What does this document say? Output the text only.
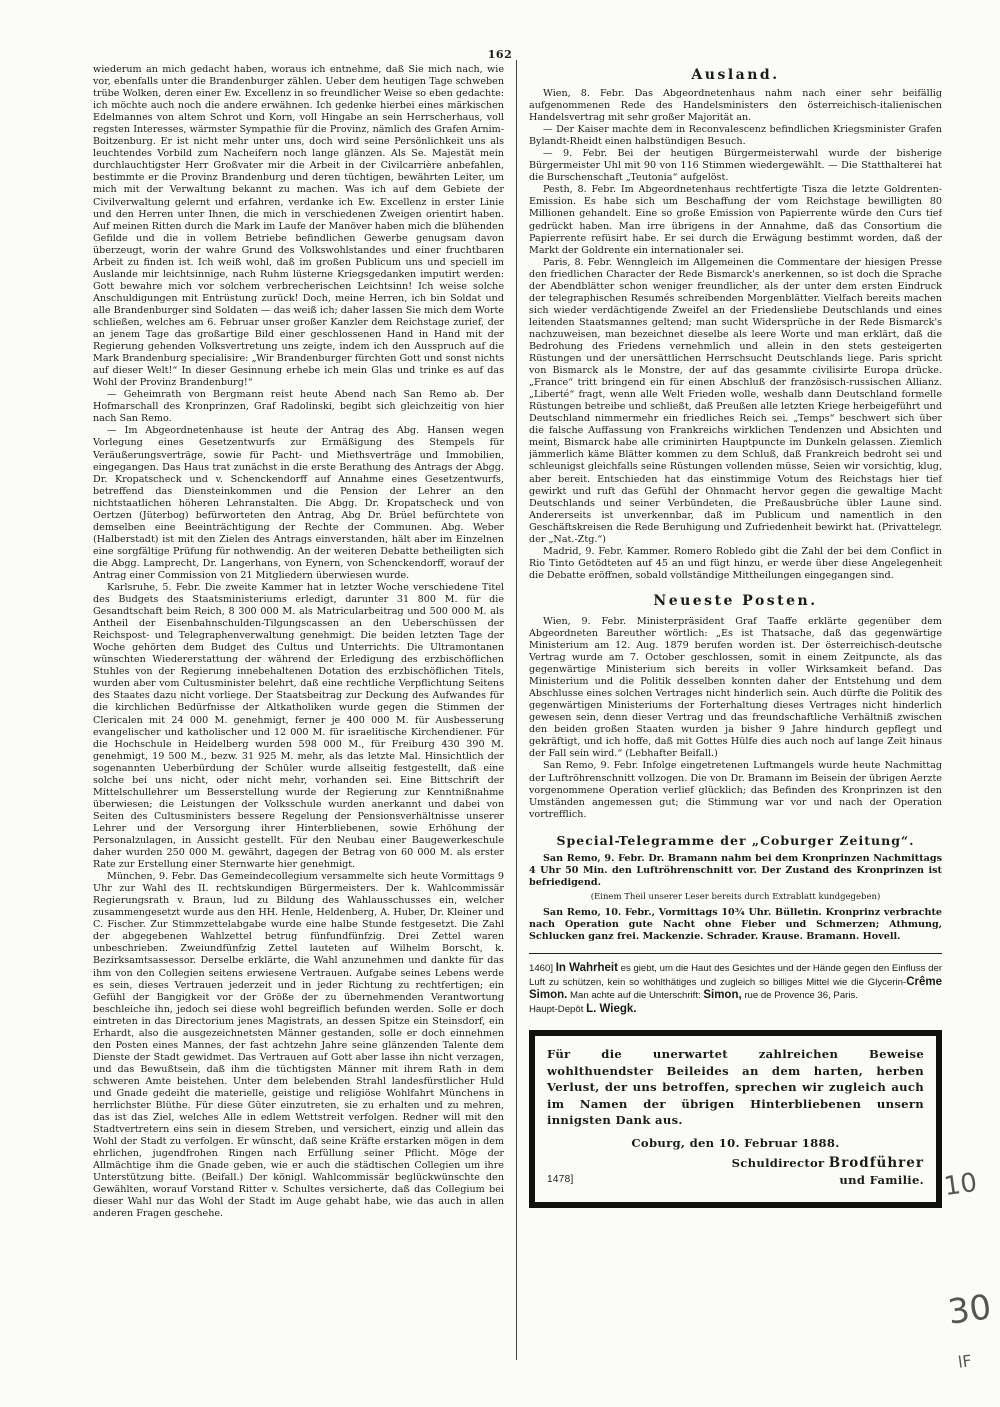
162

wiederum an mich gedacht haben, woraus ich entnehme, daß Sie mich nach, wie vor, ebenfalls unter die Brandenburger zählen. Ueber dem heutigen Tage schweben trübe Wolken, deren einer Ew. Excellenz in so freundlicher Weise so eben gedachte: ich möchte auch noch die andere erwähnen. Ich gedenke hierbei eines märkischen Edelmannes von altem Schrot und Korn, voll Hingabe an sein Herrscherhaus, voll regsten Interesses, wärmster Sympathie für die Provinz, nämlich des Grafen Arnim-Boitzenburg. Er ist nicht mehr unter uns, doch wird seine Persönlichkeit uns als leuchtendes Vorbild zum Nacheifern noch lange glänzen. Als Se. Majestät mein durchlauchtigster Herr Großvater mir die Arbeit in der Civilcarrière anbefahlen, bestimmte er die Provinz Brandenburg und deren tüchtigen, bewährten Leiter, um mich mit der Verwaltung bekannt zu machen. Was ich auf dem Gebiete der Civilverwaltung gelernt und erfahren, verdanke ich Ew. Excellenz in erster Linie und den Herren unter Ihnen, die mich in verschiedenen Zweigen orientirt haben. Auf meinen Ritten durch die Mark im Laufe der Manöver haben mich die blühenden Gefilde und die in vollem Betriebe befindlichen Gewerbe genugsam davon überzeugt, worin der wahre Grund des Volkswohlstandes und einer fruchtbaren Arbeit zu finden ist. Ich weiß wohl, daß im großen Publicum uns und speciell im Auslande mir leichtsinnige, nach Ruhm lüsterne Kriegsgedanken imputirt werden: Gott bewahre mich vor solchem verbrecherischen Leichtsinn! Ich weise solche Anschuldigungen mit Entrüstung zurück! Doch, meine Herren, ich bin Soldat und alle Brandenburger sind Soldaten — das weiß ich; daher lassen Sie mich dem Worte schließen, welches am 6. Februar unser großer Kanzler dem Reichstage zurief, der an jenem Tage das großartige Bild einer geschlossenen Hand in Hand mit der Regierung gehenden Volksvertretung uns zeigte, indem ich den Ausspruch auf die Mark Brandenburg specialisire: „Wir Brandenburger fürchten Gott und sonst nichts auf dieser Welt!“ In dieser Gesinnung erhebe ich mein Glas und trinke es auf das Wohl der Provinz Brandenburg!“

— Geheimrath von Bergmann reist heute Abend nach San Remo ab. Der Hofmarschall des Kronprinzen, Graf Radolinski, begibt sich gleichzeitig von hier nach San Remo.

— Im Abgeordnetenhause ist heute der Antrag des Abg. Hansen wegen Vorlegung eines Gesetzentwurfs zur Ermäßigung des Stempels für Veräußerungsverträge, sowie für Pacht- und Miethsverträge und Immobilien, eingegangen. Das Haus trat zunächst in die erste Berathung des Antrags der Abgg. Dr. Kropatscheck und v. Schenckendorff auf Annahme eines Gesetzentwurfs, betreffend das Diensteinkommen und die Pension der Lehrer an den nichtstaatlichen höheren Lehranstalten. Die Abgg. Dr. Kropatscheck und von Oertzen (Jüterbog) befürworteten den Antrag, Abg Dr. Brüel befürchtete von demselben eine Beeinträchtigung der Rechte der Communen. Abg. Weber (Halberstadt) ist mit den Zielen des Antrags einverstanden, hält aber im Einzelnen eine sorgfältige Prüfung für nothwendig. An der weiteren Debatte betheiligten sich die Abgg. Lamprecht, Dr. Langerhans, von Eynern, von Schenckendorff, worauf der Antrag einer Commission von 21 Mitgliedern überwiesen wurde.

Karlsruhe, 5. Febr. Die zweite Kammer hat in letzter Woche verschiedene Titel des Budgets des Staatsministeriums erledigt, darunter 31 800 M. für die Gesandtschaft beim Reich, 8 300 000 M. als Matricularbeitrag und 500 000 M. als Antheil der Eisenbahnschulden-Tilgungscassen an den Ueberschüssen der Reichspost- und Telegraphenverwaltung genehmigt. Die beiden letzten Tage der Woche gehörten dem Budget des Cultus und Unterrichts. Die Ultramontanen wünschten Wiedererstattung der während der Erledigung des erzbischöflichen Stuhles von der Regierung innebehaltenen Dotation des erzbischöflichen Titels, wurden aber vom Cultusminister belehrt, daß eine rechtliche Verpflichtung Seitens des Staates dazu nicht vorliege. Der Staatsbeitrag zur Deckung des Aufwandes für die kirchlichen Bedürfnisse der Altkatholiken wurde gegen die Stimmen der Clericalen mit 24 000 M. genehmigt, ferner je 400 000 M. für Ausbesserung evangelischer und katholischer und 12 000 M. für israelitische Kirchendiener. Für die Hochschule in Heidelberg wurden 598 000 M., für Freiburg 430 390 M. genehmigt, 19 500 M., bezw. 31 925 M. mehr, als das letzte Mal. Hinsichtlich der sogenannten Ueberbürdung der Schüler wurde allseitig festgestellt, daß eine solche bei uns nicht, oder nicht mehr, vorhanden sei. Eine Bittschrift der Mittelschullehrer um Besserstellung wurde der Regierung zur Kenntnißnahme überwiesen; die Leistungen der Volksschule wurden anerkannt und dabei von Seiten des Cultusministers bessere Regelung der Pensionsverhältnisse unserer Lehrer und der Versorgung ihrer Hinterbliebenen, sowie Erhöhung der Personalzulagen, in Aussicht gestellt. Für den Neubau einer Baugewerkeschule daher wurden 250 000 M. gewährt, dagegen der Betrag von 60 000 M. als erster Rate zur Erstellung einer Sternwarte hier genehmigt.

München, 9. Febr. Das Gemeindecollegium versammelte sich heute Vormittags 9 Uhr zur Wahl des II. rechtskundigen Bürgermeisters. Der k. Wahlcommissär Regierungsrath v. Braun, lud zu Bildung des Wahlausschusses ein, welcher zusammengesetzt wurde aus den HH. Henle, Heldenberg, A. Huber, Dr. Kleiner und C. Fischer. Zur Stimmzettelabgabe wurde eine halbe Stunde festgesetzt. Die Zahl der abgegebenen Wahlzettel betrug fünfundfünfzig. Drei Zettel waren unbeschrieben. Zweiundfünfzig Zettel lauteten auf Wilhelm Borscht, k. Bezirksamtsassessor. Derselbe erklärte, die Wahl anzunehmen und dankte für das ihm von den Collegien seitens erwiesene Vertrauen. Aufgabe seines Lebens werde es sein, dieses Vertrauen jederzeit und in jeder Richtung zu rechtfertigen; ein Gefühl der Bangigkeit vor der Größe der zu übernehmenden Verantwortung beschleiche ihn, jedoch sei diese wohl begreiflich befunden werden. Solle er doch eintreten in das Directorium jenes Magistrats, an dessen Spitze ein Steinsdorf, ein Erhardt, also die ausgezeichnetsten Männer gestanden, solle er doch einnehmen den Posten eines Mannes, der fast achtzehn Jahre seine glänzenden Talente dem Dienste der Stadt gewidmet. Das Vertrauen auf Gott aber lasse ihn nicht verzagen, und das Bewußtsein, daß ihm die tüchtigsten Männer mit ihrem Rath in dem schweren Amte beistehen. Unter dem belebenden Strahl landesfürstlicher Huld und Gnade gedeiht die materielle, geistige und religiöse Wohlfahrt Münchens in herrlichster Blüthe. Für diese Güter einzutreten, sie zu erhalten und zu mehren, das ist das Ziel, welches Alle in edlem Wettstreit verfolgen. Redner will mit den Stadtvertretern eins sein in diesem Streben, und versichert, einzig und allein das Wohl der Stadt zu verfolgen. Er wünscht, daß seine Kräfte erstarken mögen in dem ehrlichen, jugendfrohen Ringen nach Erfüllung seiner Pflicht. Möge der Allmächtige ihm die Gnade geben, wie er auch die städtischen Collegien um ihre Unterstützung bitte. (Beifall.) Der königl. Wahlcommissär beglückwünschte den Gewählten, worauf Vorstand Ritter v. Schultes versicherte, daß das Collegium bei dieser Wahl nur das Wohl der Stadt im Auge gehabt habe, wie das auch in allen anderen Fragen geschehe.

Ausland.

Wien, 8. Febr. Das Abgeordnetenhaus nahm nach einer sehr beifällig aufgenommenen Rede des Handelsministers den österreichisch-italienischen Handelsvertrag mit sehr großer Majorität an.

— Der Kaiser machte dem in Reconvalescenz befindlichen Kriegsminister Grafen Bylandt-Rheidt einen halbstündigen Besuch.

— 9. Febr. Bei der heutigen Bürgermeisterwahl wurde der bisherige Bürgermeister Uhl mit 90 von 116 Stimmen wiedergewählt. — Die Statthalterei hat die Burschenschaft „Teutonia“ aufgelöst.

Pesth, 8. Febr. Im Abgeordnetenhaus rechtfertigte Tisza die letzte Goldrenten-Emission. Es habe sich um Beschaffung der vom Reichstage bewilligten 80 Millionen gehandelt. Eine so große Emission von Papierrente würde den Curs tief gedrückt haben. Man irre übrigens in der Annahme, daß das Consortium die Papierrente refüsirt habe. Er sei durch die Erwägung bestimmt worden, daß der Markt der Goldrente ein internationaler sei.

Paris, 8. Febr. Wenngleich im Allgemeinen die Commentare der hiesigen Presse den friedlichen Character der Rede Bismarck's anerkennen, so ist doch die Sprache der Abendblätter schon weniger freundlicher, als der unter dem ersten Eindruck der telegraphischen Resumés schreibenden Morgenblätter. Vielfach bereits machen sich wieder verdächtigende Zweifel an der Friedensliebe Deutschlands und eines leitenden Staatsmannes geltend; man sucht Widersprüche in der Rede Bismarck's nachzuweisen, man bezeichnet dieselbe als leere Worte und man erklärt, daß die Bedrohung des Friedens vernehmlich und allein in den stets gesteigerten Rüstungen und der unersättlichen Herrschsucht Deutschlands liege. Paris spricht von Bismarck als le Monstre, der auf das gesammte civilisirte Europa drücke. „France“ tritt bringend ein für einen Abschluß der französisch-russischen Allianz. „Liberté“ fragt, wenn alle Welt Frieden wolle, weshalb dann Deutschland formelle Rüstungen betreibe und schließt, daß Preußen alle letzten Kriege herbeigeführt und Deutschland nimmermehr ein friedliches Reich sei. „Temps“ beschwert sich über die falsche Auffassung von Frankreichs wirklichen Tendenzen und Absichten und meint, Bismarck habe alle criminirten Hauptpuncte im Dunkeln gelassen. Ziemlich jämmerlich käme Blätter kommen zu dem Schluß, daß Frankreich bedroht sei und schleunigst gleichfalls seine Rüstungen vollenden müsse, Seien wir vorsichtig, klug, aber bereit. Entschieden hat das einstimmige Votum des Reichstags hier tief gewirkt und ruft das Gefühl der Ohnmacht hervor gegen die gewaltige Macht Deutschlands und seiner Verbündeten, die Preßausbrüche übler Laune sind. Andererseits ist unverkennbar, daß im Publicum und namentlich in den Geschäftskreisen die Rede Beruhigung und Zufriedenheit bewirkt hat. (Privattelegr. der „Nat.-Ztg.“)

Madrid, 9. Febr. Kammer. Romero Robledo gibt die Zahl der bei dem Conflict in Rio Tinto Getödteten auf 45 an und fügt hinzu, er werde über diese Angelegenheit die Debatte eröffnen, sobald vollständige Mittheilungen eingegangen sind.

Neueste Posten.

Wien, 9. Febr. Ministerpräsident Graf Taaffe erklärte gegenüber dem Abgeordneten Bareuther wörtlich: „Es ist Thatsache, daß das gegenwärtige Ministerium am 12. Aug. 1879 berufen worden ist. Der österreichisch-deutsche Vertrag wurde am 7. October geschlossen, somit in einem Zeitpuncte, als das gegenwärtige Ministerium sich bereits in voller Wirksamkeit befand. Das Ministerium und die Politik desselben konnten daher der Entstehung und dem Abschlusse eines solchen Vertrages nicht hinderlich sein. Auch dürfte die Politik des gegenwärtigen Ministeriums der Forterhaltung dieses Vertrages nicht hinderlich gewesen sein, denn dieser Vertrag und das freundschaftliche Verhältniß zwischen den beiden großen Staaten wurden ja bisher 9 Jahre hindurch gepflegt und gekräftigt, und ich hoffe, daß mit Gottes Hülfe dies auch noch auf lange Zeit hinaus der Fall sein wird.“ (Lebhafter Beifall.)

San Remo, 9. Febr. Infolge eingetretenen Luftmangels wurde heute Nachmittag der Luftröhrenschnitt vollzogen. Die von Dr. Bramann im Beisein der übrigen Aerzte vorgenommene Operation verlief glücklich; das Befinden des Kronprinzen ist den Umständen angemessen gut; die Stimmung war vor und nach der Operation vortrefflich.

Special-Telegramme der „Coburger Zeitung“.

San Remo, 9. Febr. Dr. Bramann nahm bei dem Kronprinzen Nachmittags 4 Uhr 50 Min. den Luftröhrenschnitt vor. Der Zustand des Kronprinzen ist befriedigend.

(Einem Theil unserer Leser bereits durch Extrablatt kundgegeben)

San Remo, 10. Febr., Vormittags 10¾ Uhr. Bülletin. Kronprinz verbrachte nach Operation gute Nacht ohne Fieber und Schmerzen; Athmung, Schlucken ganz frei. Mackenzie. Schrader. Krause. Bramann. Hovell.

1460] In Wahrheit es giebt, um die Haut des Gesichtes und der Hände gegen den Einfluss der Luft zu schützen, kein so wohlthätiges und zugleich so billiges Mittel wie die Glycerin-Crême Simon. Man achte auf die Unterschrift: Simon, rue de Provence 36, Paris.
Haupt-Depôt L. Wiegk.
Für die unerwartet zahlreichen Beweise wohlthuendster Beileides an dem harten, herben Verlust, der uns betroffen, sprechen wir zugleich auch im Namen der übrigen Hinterbliebenen unsern innigsten Dank aus.
Coburg, den 10. Februar 1888.
1478]
Schuldirector Brodführer
und Familie. 10
30
lF
